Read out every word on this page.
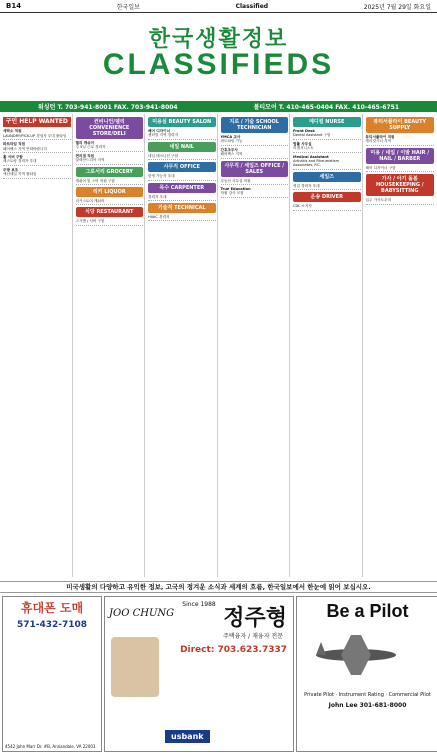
B14	한국일보	Classified	2025년 7월 29일 화요일
한국생활정보
CLASSIFIEDS
워싱턴 T. 703-941-8001 FAX. 703-941-8004	볼티모어 T. 410-465-0404 FAX. 410-465-6751
구인 HELP WANTED
세탁소 직원
LAUNDRY/PICK-UP 경험자 우대 풀타임
파트타임 직원
페어팩스 지역 연락바랍니다
홀 서버 구함
레스토랑 경력자 우대
주방 보조
애난데일 지역 풀타임
컨비니언/델리 CONVENIENCE STORE/DELI
델리 캐쉬어
주 5일 근무 경력자
편의점 직원
알렉산드리아 지역
그로서리 GROCERY
캐쉬어 및 스탁 직원 구함
리커 LIQUOR
리커스토어 캐쉬어
식당 RESTAURANT
스시맨 / 서버 구함
미용실 BEAUTY SALON
헤어 디자이너
센터빌 지역 경력자
네일 NAIL
네일 테크니션 구함
사무직 OFFICE
한영 가능자 우대
목수 CARPENTER
경력자 우대
기술직 TECHNICAL
HVAC 경력자
지로 / 기술 SCHOOL TECHNICIAN
YMCA 교사
파트타임 가능
간호조무사
페어팩스 지역
사무직 / 세일즈 OFFICE / SALES
부동산 사무실 직원
True Education
학원 강사 모집
메디컬 NURSE
Front Desk
Dental Assistant 구함
법률 사무실
리셉셔니스트
Medical Assistant
Arthritis and Rheumatism Associates, P.C.
세일즈
영업 경력자 우대
운송 DRIVER
CDL 소지자
뷰티서플라이 BEAUTY SUPPLY
뷰티서플라이 직원
엘리컷시티 지역
미용 / 네일 / 이발 HAIR / NAIL / BARBER
헤어 디자이너 구함
가사 / 아기 돌봄 HOUSEKEEPING / BABYSITTING
입주 가사도우미
미국생활의 다양하고 유익한 정보, 고국의 정겨운 소식과 세계의 흐름, 한국일보에서 한눈에 읽어 보십시오.
휴대폰 도매
571-432-7108
4542 John Marr Dr. #B, Annandale, VA 22003
Since 1988
JOO CHUNG	정주형
주택융자 / 재융자 전문
Direct: 703.623.7337
usbank
Be a Pilot
Private Pilot · Instrument Rating · Commercial Pilot
John Lee 301-681-8000
